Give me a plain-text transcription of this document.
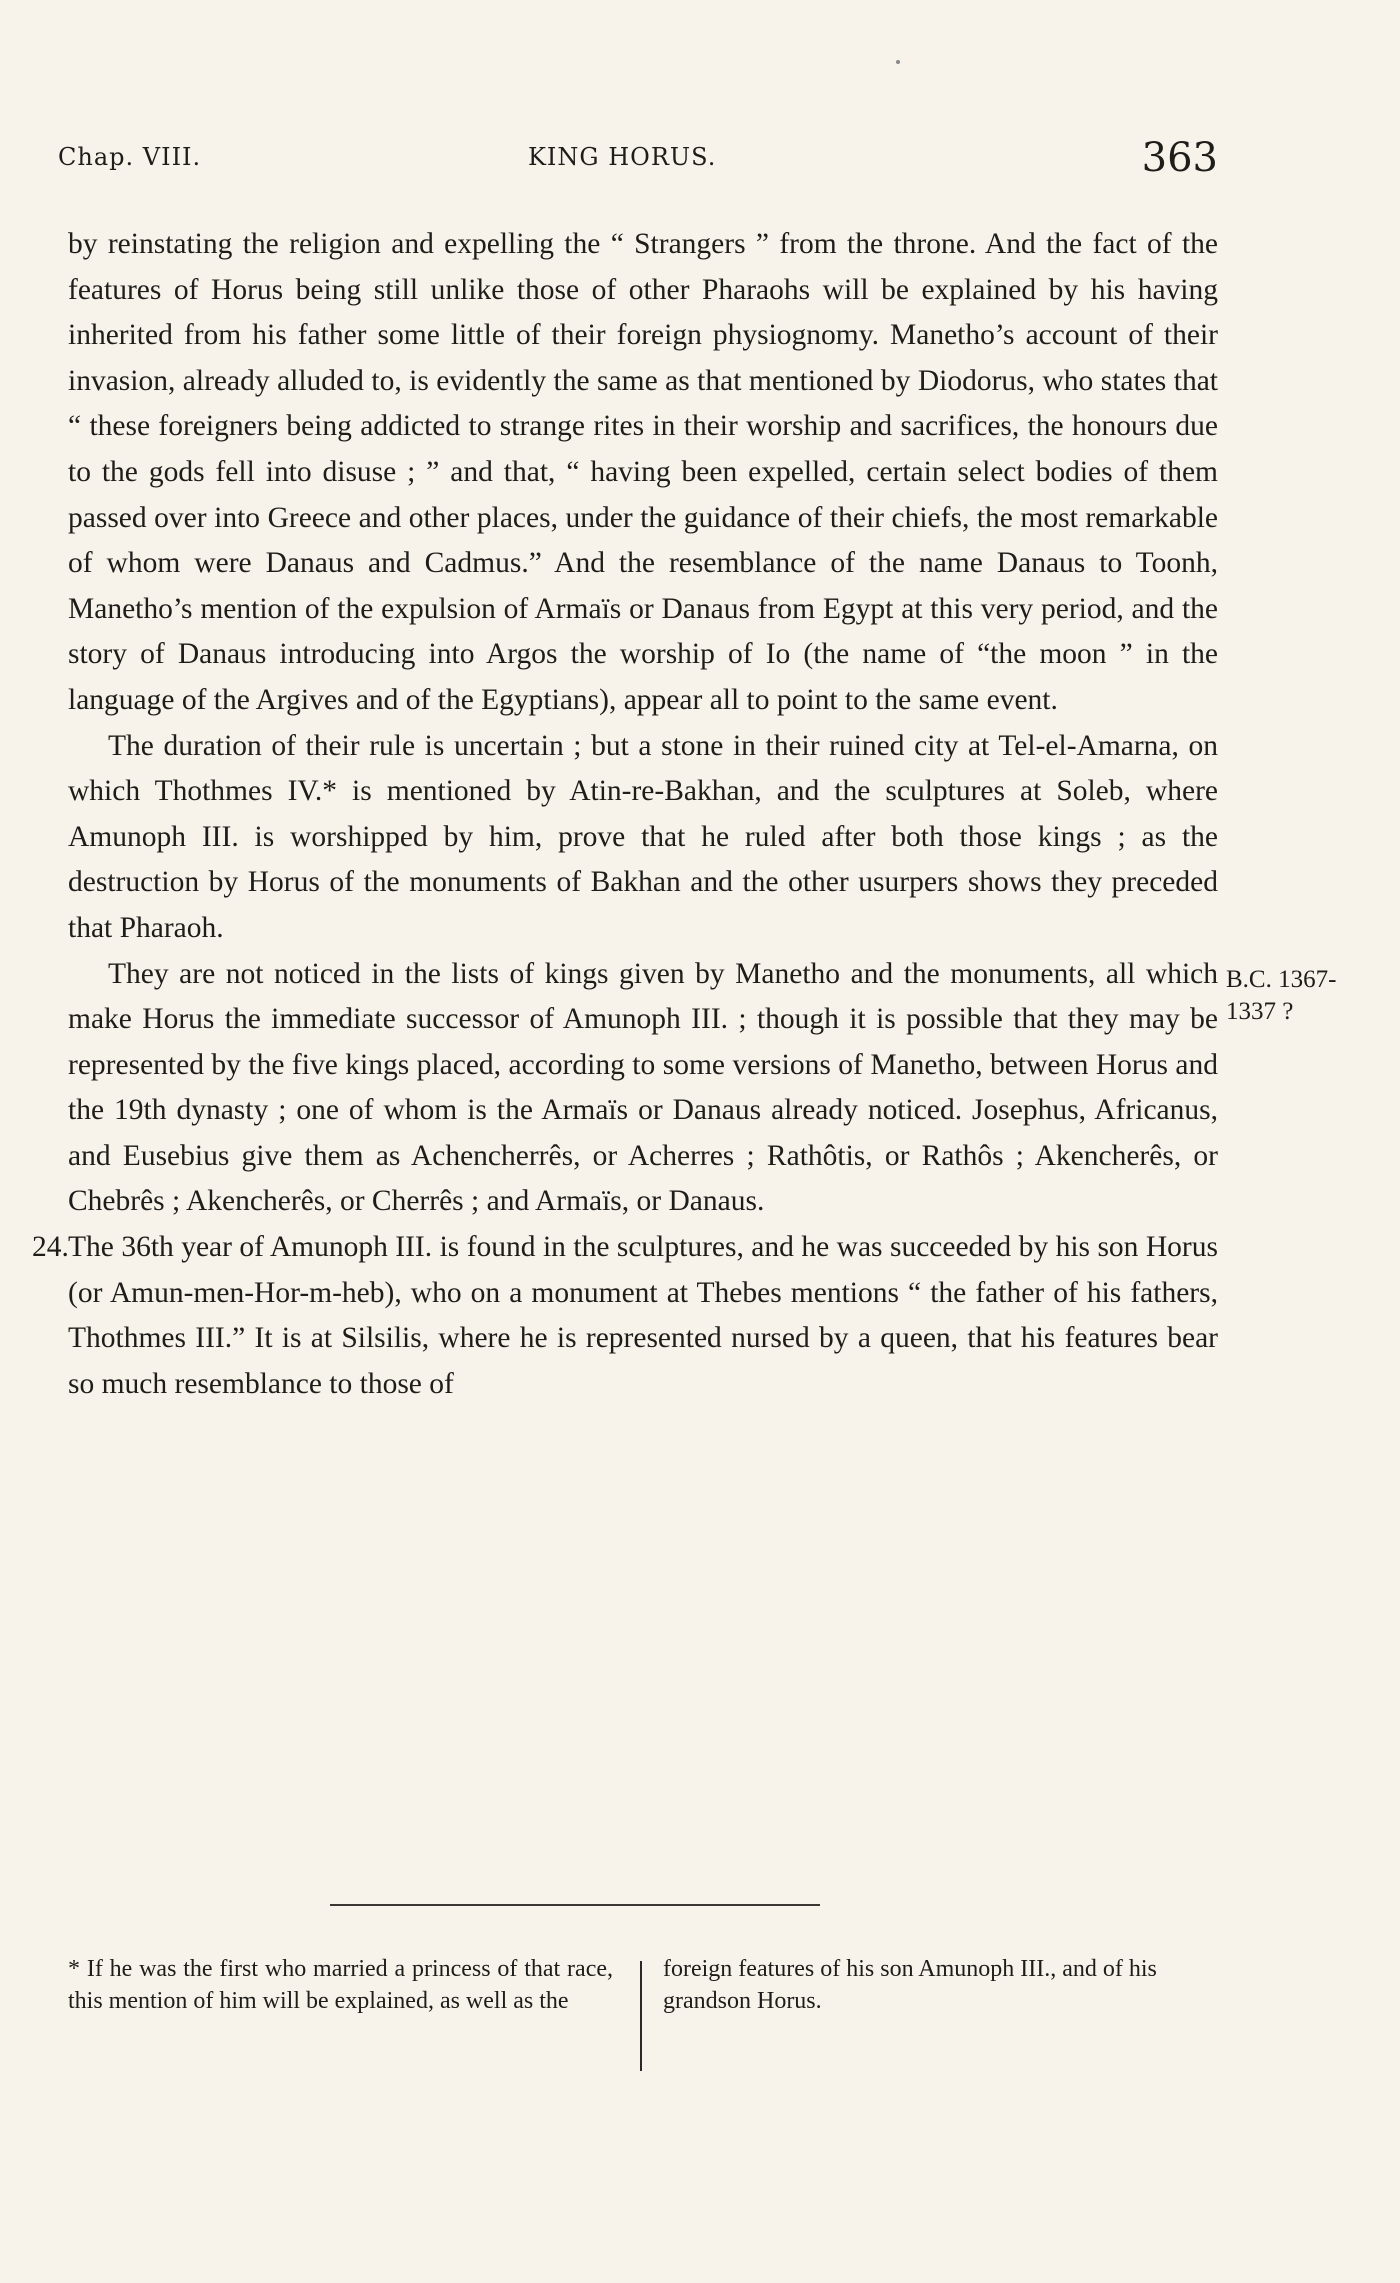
Chap. VIII.	KING HORUS.	363

by reinstating the religion and expelling the “ Strangers ” from the throne. And the fact of the features of Horus being still unlike those of other Pharaohs will be explained by his having inherited from his father some little of their foreign physiognomy. Manetho’s account of their invasion, already alluded to, is evidently the same as that mentioned by Diodorus, who states that “ these foreigners being addicted to strange rites in their worship and sacrifices, the honours due to the gods fell into disuse ; ” and that, “ having been expelled, certain select bodies of them passed over into Greece and other places, under the guidance of their chiefs, the most remarkable of whom were Danaus and Cadmus.” And the resemblance of the name Danaus to Toonh, Manetho’s mention of the expulsion of Armaïs or Danaus from Egypt at this very period, and the story of Danaus introducing into Argos the worship of Io (the name of “the moon ” in the language of the Argives and of the Egyptians), appear all to point to the same event.

The duration of their rule is uncertain ; but a stone in their ruined city at Tel-el-Amarna, on which Thothmes IV.* is mentioned by Atin-re-Bakhan, and the sculptures at Soleb, where Amunoph III. is worshipped by him, prove that he ruled after both those kings ; as the destruction by Horus of the monuments of Bakhan and the other usurpers shows they preceded that Pharaoh.

They are not noticed in the lists of kings given by Manetho and the monuments, all which make Horus the immediate successor of Amunoph III. ; though it is possible that they may be represented by the five kings placed, according to some versions of Manetho, between Horus and the 19th dynasty ; one of whom is the Armaïs or Danaus already noticed. Josephus, Africanus, and Eusebius give them as Achencherrês, or Acherres ; Rathôtis, or Rathôs ; Akencherês, or Chebrês ; Akencherês, or Cherrês ; and Armaïs, or Danaus.

24. The 36th year of Amunoph III. is found in the sculptures, and he was succeeded by his son Horus (or Amun-men-Hor-m-heb), who on a monument at Thebes mentions “ the father of his fathers, Thothmes III.” It is at Silsilis, where he is represented nursed by a queen, that his features bear so much resemblance to those of

B.C. 1367-
1337 ?
* If he was the first who married a princess of that race, this mention of him will be explained, as well as the
foreign features of his son Amunoph III., and of his grandson Horus.
